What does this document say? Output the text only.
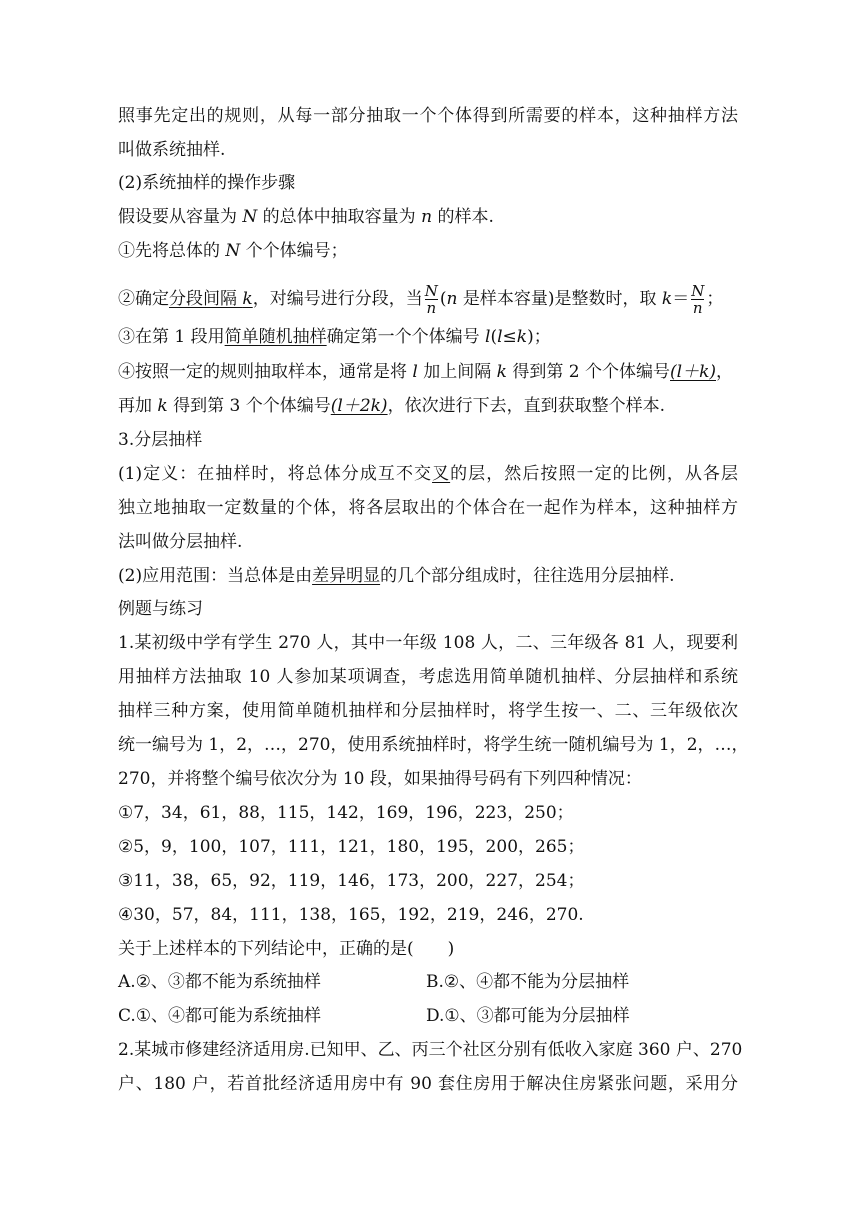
照事先定出的规则，从每一部分抽取一个个体得到所需要的样本，这种抽样方法
叫做系统抽样.
(2)系统抽样的操作步骤
假设要从容量为 N 的总体中抽取容量为 n 的样本.
①先将总体的 N 个个体编号；
②确定分段间隔 k，对编号进行分段，当 $\frac{N}{n} (n$ 是样本容量)是整数时，取 $k= \frac{N}{n}$ ；
③在第 1 段用简单随机抽样确定第一个个体编号 l(l≤k)；
④按照一定的规则抽取样本，通常是将 l 加上间隔 k 得到第 2 个个体编号(l＋k)，
再加 k 得到第 3 个个体编号(l＋2k)，依次进行下去，直到获取整个样本.
3.分层抽样
(1)定义：在抽样时，将总体分成互不交叉的层，然后按照一定的比例，从各层
独立地抽取一定数量的个体，将各层取出的个体合在一起作为样本，这种抽样方
法叫做分层抽样.
(2)应用范围：当总体是由差异明显的几个部分组成时，往往选用分层抽样.
例题与练习
1.某初级中学有学生 270 人，其中一年级 108 人，二、三年级各 81 人，现要利
用抽样方法抽取 10 人参加某项调查，考虑选用简单随机抽样、分层抽样和系统
抽样三种方案，使用简单随机抽样和分层抽样时，将学生按一、二、三年级依次
统一编号为 1，2，…，270，使用系统抽样时，将学生统一随机编号为 1，2，…，
270，并将整个编号依次分为 10 段，如果抽得号码有下列四种情况：
①7，34，61，88，115，142，169，196，223，250；
②5，9，100，107，111，121，180，195，200，265；
③11，38，65，92，119，146，173，200，227，254；
④30，57，84，111，138，165，192，219，246，270.
关于上述样本的下列结论中，正确的是(　　)
A.②、③都不能为系统抽样	B.②、④都不能为分层抽样
C.①、④都可能为系统抽样	D.①、③都可能为分层抽样
2.某城市修建经济适用房.已知甲、乙、丙三个社区分别有低收入家庭 360 户、270
户、180 户，若首批经济适用房中有 90 套住房用于解决住房紧张问题，采用分
